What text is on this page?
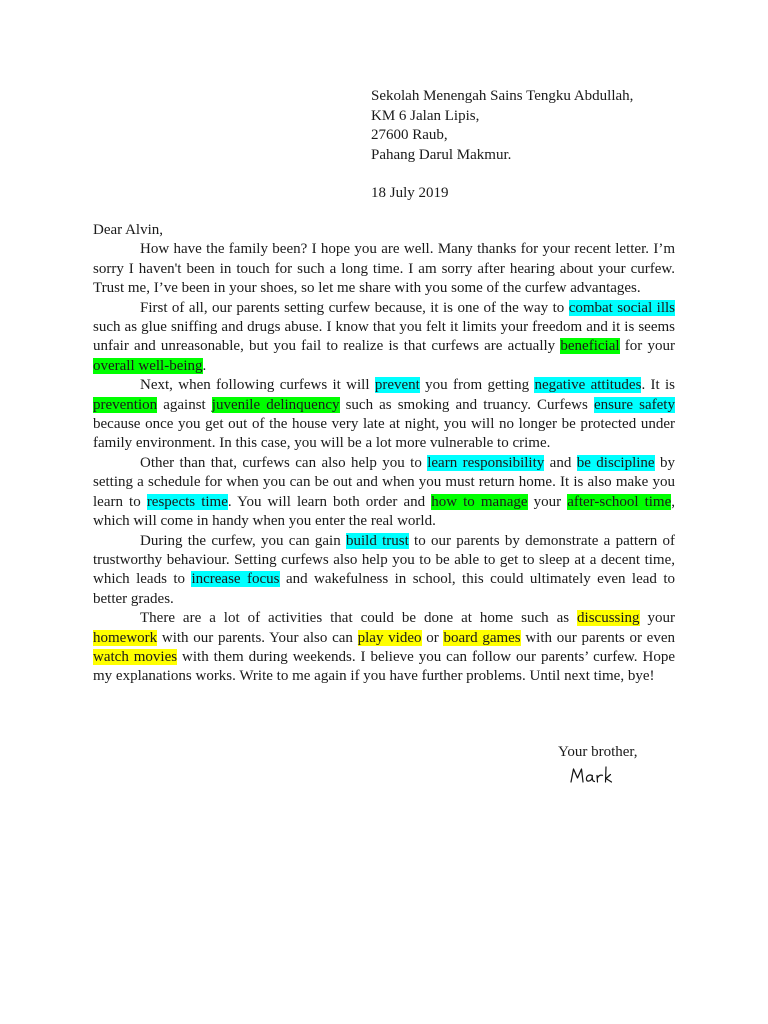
Sekolah Menengah Sains Tengku Abdullah,
KM 6 Jalan Lipis,
27600 Raub,
Pahang Darul Makmur.
18 July 2019

Dear Alvin,

How have the family been? I hope you are well. Many thanks for your recent letter. I’m sorry I haven't been in touch for such a long time. I am sorry after hearing about your curfew. Trust me, I’ve been in your shoes, so let me share with you some of the curfew advantages.

First of all, our parents setting curfew because, it is one of the way to combat social ills such as glue sniffing and drugs abuse. I know that you felt it limits your freedom and it is seems unfair and unreasonable, but you fail to realize is that curfews are actually beneficial for your overall well-being.

Next, when following curfews it will prevent you from getting negative attitudes. It is prevention against juvenile delinquency such as smoking and truancy. Curfews ensure safety because once you get out of the house very late at night, you will no longer be protected under family environment. In this case, you will be a lot more vulnerable to crime.

Other than that, curfews can also help you to learn responsibility and be discipline by setting a schedule for when you can be out and when you must return home. It is also make you learn to respects time. You will learn both order and how to manage your after-school time, which will come in handy when you enter the real world.

During the curfew, you can gain build trust to our parents by demonstrate a pattern of trustworthy behaviour. Setting curfews also help you to be able to get to sleep at a decent time, which leads to increase focus and wakefulness in school, this could ultimately even lead to better grades.

There are a lot of activities that could be done at home such as discussing your homework with our parents. Your also can play video or board games with our parents or even watch movies with them during weekends. I believe you can follow our parents’ curfew. Hope my explanations works. Write to me again if you have further problems. Until next time, bye!

Your brother,
